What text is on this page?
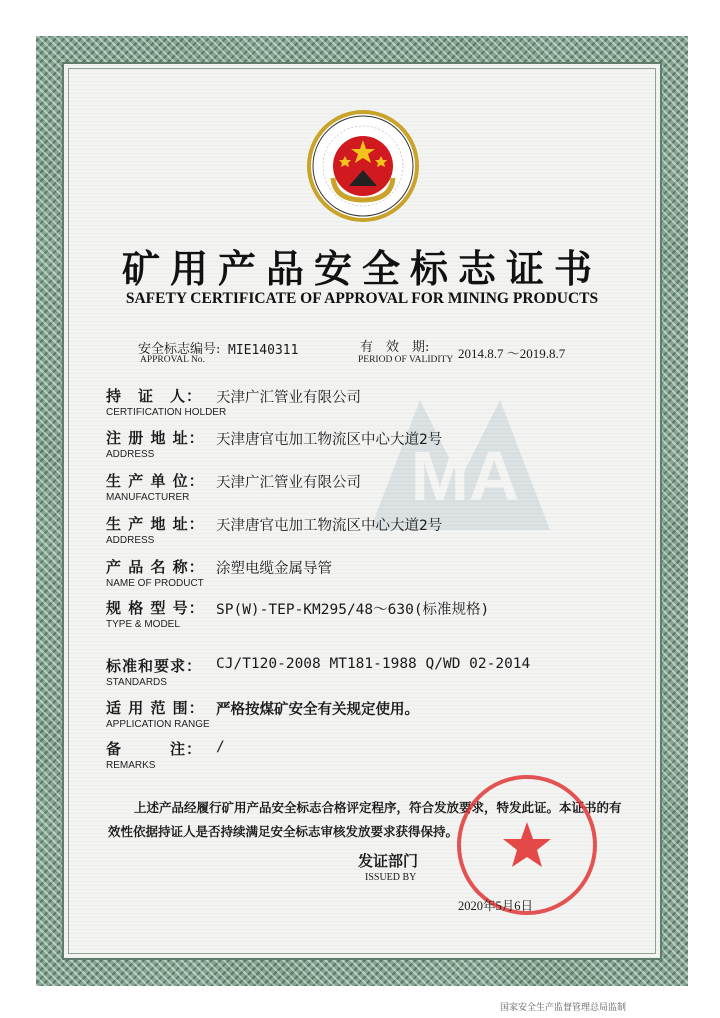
MA
矿用产品安全标志证书
SAFETY CERTIFICATE OF APPROVAL FOR MINING PRODUCTS
安全标志编号:
APPROVAL No.
MIE140311	有　效　期:
PERIOD OF VALIDITY 2014.8.7 ～2019.8.7
持　证　人：
CERTIFICATION HOLDER
天津广汇管业有限公司
注 册 地 址：
ADDRESS
天津唐官屯加工物流区中心大道2号
生 产 单 位：
MANUFACTURER
天津广汇管业有限公司
生 产 地 址：
ADDRESS
天津唐官屯加工物流区中心大道2号
产 品 名 称：
NAME OF PRODUCT
涂塑电缆金属导管
规 格 型 号：
TYPE & MODEL
SP(W)-TEP-KM295/48～630(标准规格)
标准和要求：
STANDARDS
CJ/T120-2008 MT181-1988 Q/WD 02-2014
适 用 范 围：
APPLICATION RANGE
严格按煤矿安全有关规定使用。
备　　　注：
REMARKS
/

上述产品经履行矿用产品安全标志合格评定程序，符合发放要求，特发此证。本证书的有效性依据持证人是否持续满足安全标志审核发放要求获得保持。

发证部门
ISSUED BY
2020年5月6日
国家安全生产监督管理总局监制
